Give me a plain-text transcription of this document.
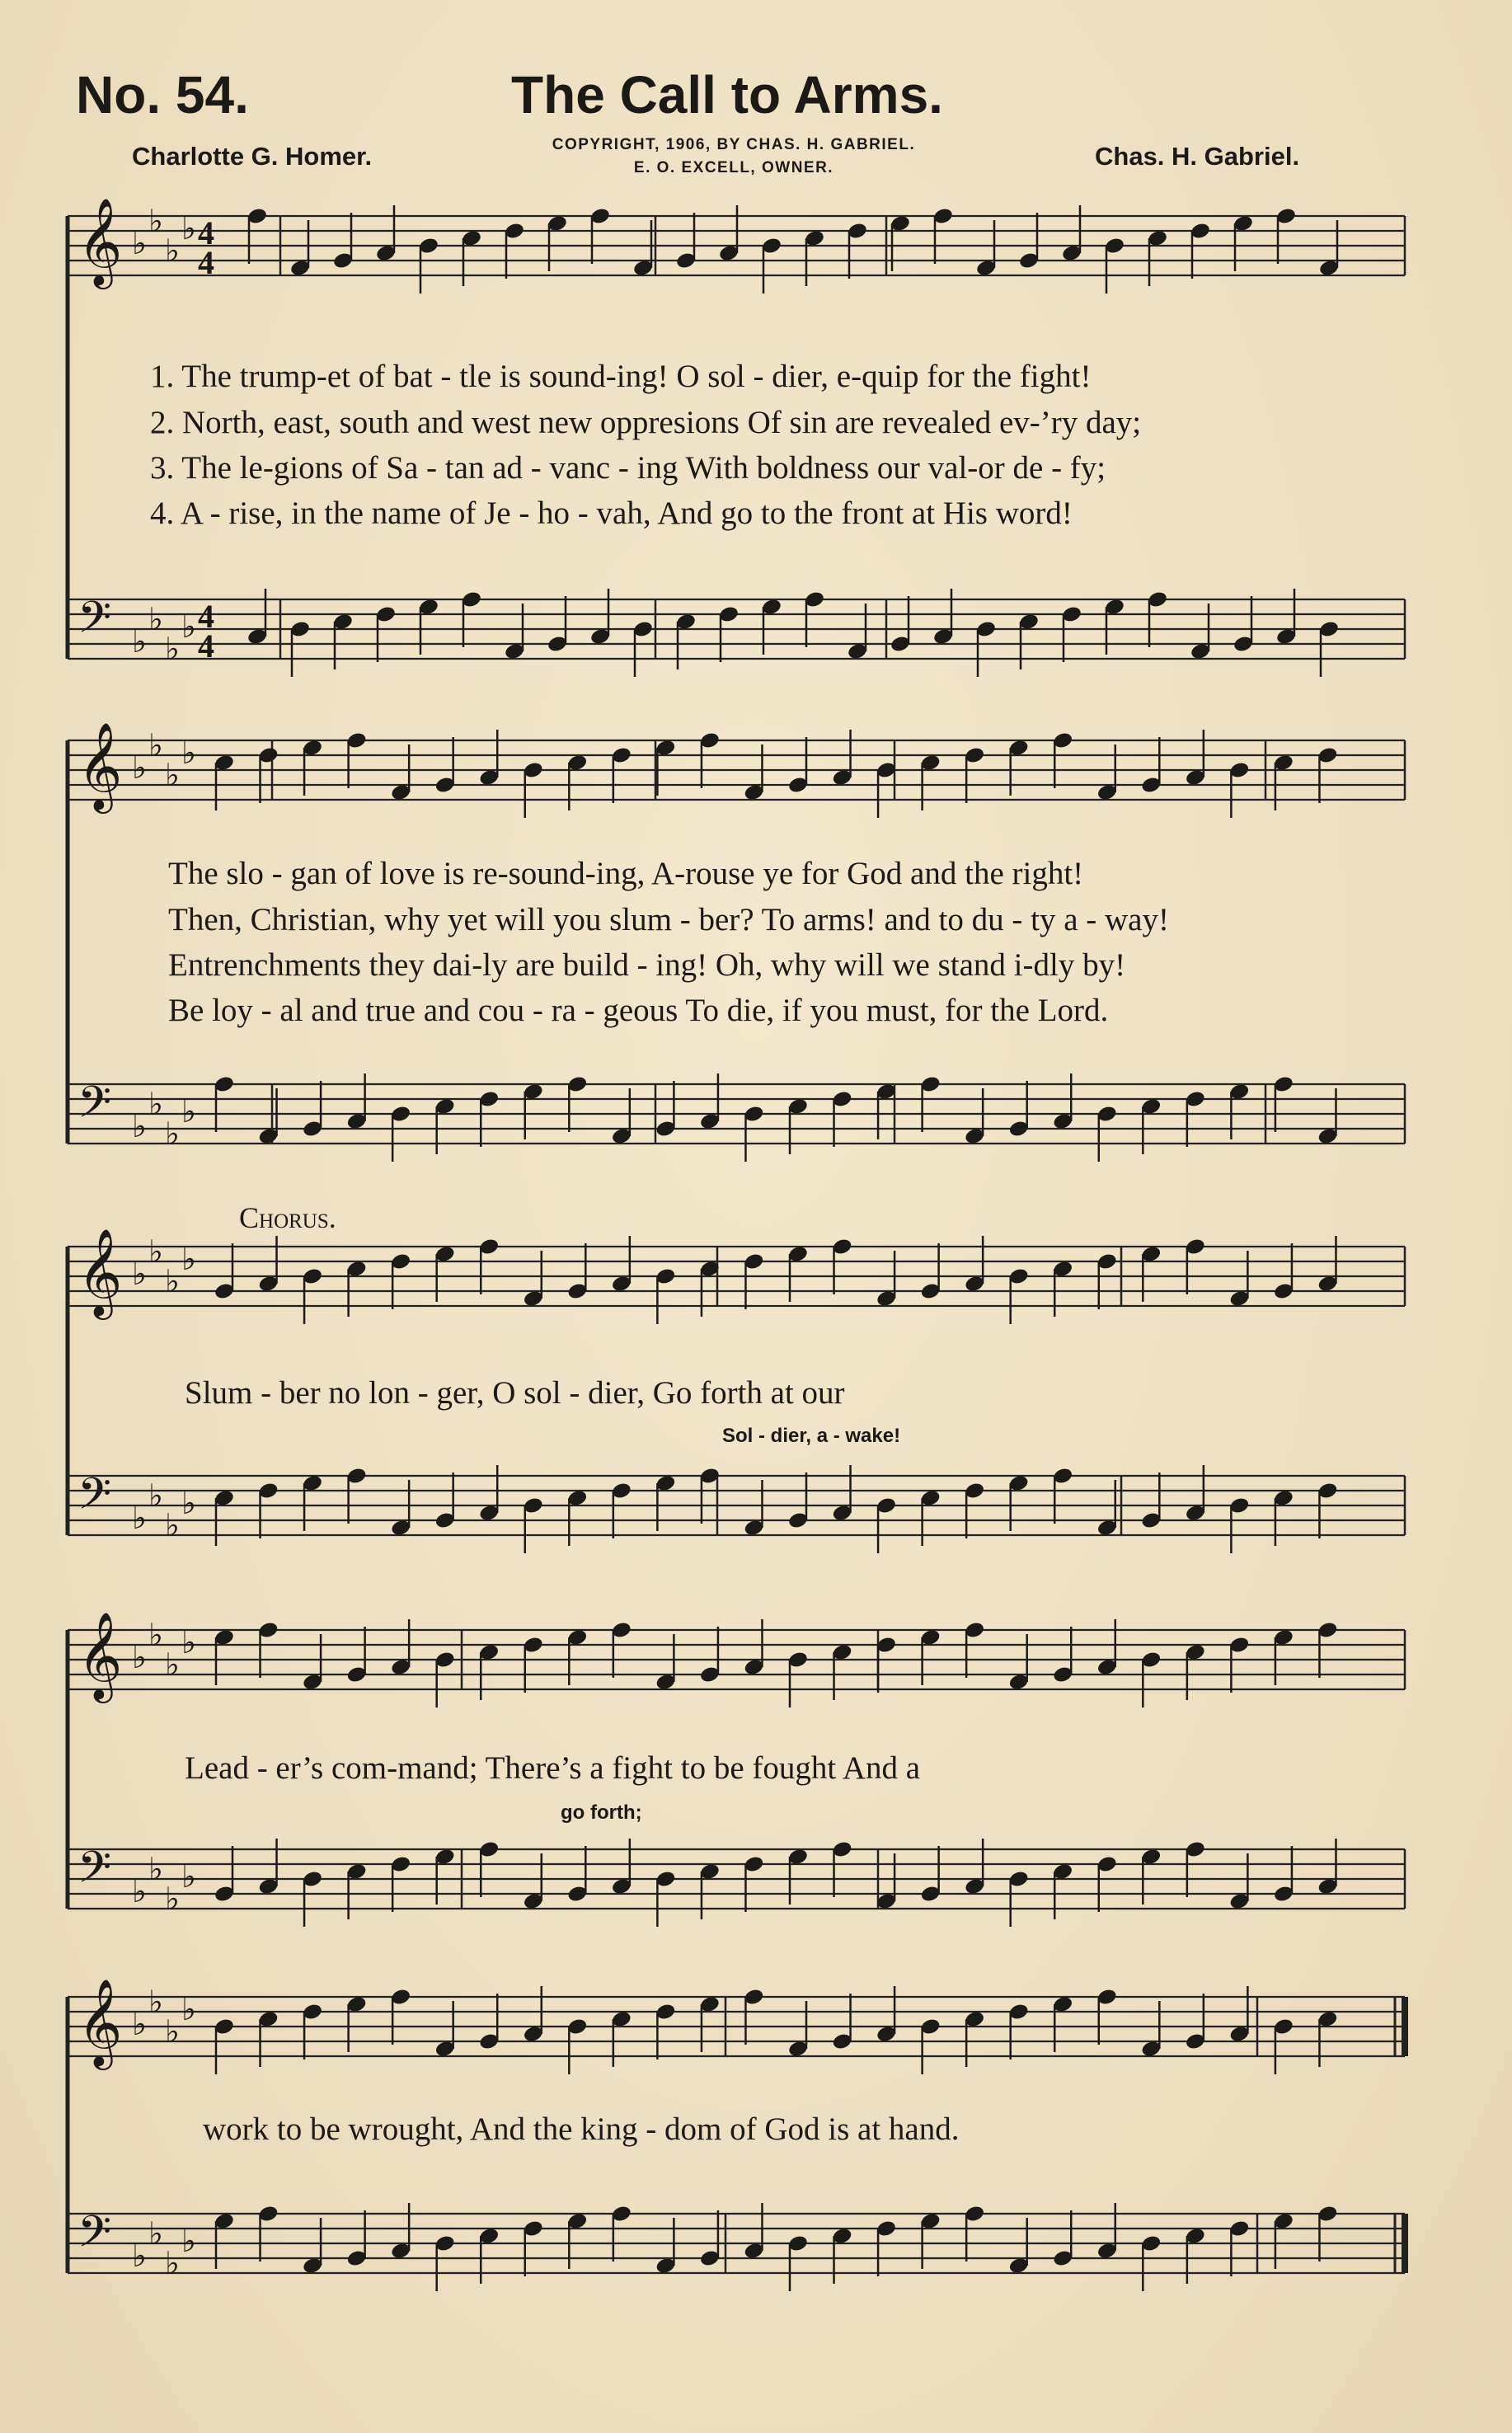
No. 54.	The Call to Arms.
Charlotte G. Homer.	COPYRIGHT, 1906, BY CHAS. H. GABRIEL.
E. O. EXCELL, OWNER.	Chas. H. Gabriel.
𝄞 ♭
♭
♭
♭ 4
4
𝄢 ♭
♭
♭
♭ 4
4
𝄞 ♭
♭
♭
♭
𝄢 ♭
♭
♭
♭
𝄞 ♭
♭
♭
♭
𝄢 ♭
♭
♭
♭
𝄞 ♭
♭
♭
♭
𝄢 ♭
♭
♭
♭
𝄞 ♭
♭
♭
♭
𝄢 ♭
♭
♭
♭
1. The trump-et of bat - tle is sound-ing! O sol - dier, e-quip for the fight!
2. North, east, south and west new oppresions Of sin are revealed ev-’ry day;
3. The le-gions of Sa - tan ad - vanc - ing With boldness our val-or de - fy;
4. A - rise, in the name of Je - ho - vah, And go to the front at His word!
The slo - gan of love is re-sound-ing, A-rouse ye for God and the right!
Then, Christian, why yet will you slum - ber? To arms! and to du - ty a - way!
Entrenchments they dai-ly are build - ing! Oh, why will we stand i-dly by!
Be loy - al and true and cou - ra - geous To die, if you must, for the Lord.
Chorus.
Slum - ber no lon - ger, O sol - dier, Go forth at our
Sol - dier, a - wake!
Lead - er’s com-mand; There’s a fight to be fought And a
go forth;
work to be wrought, And the king - dom of God is at hand.
